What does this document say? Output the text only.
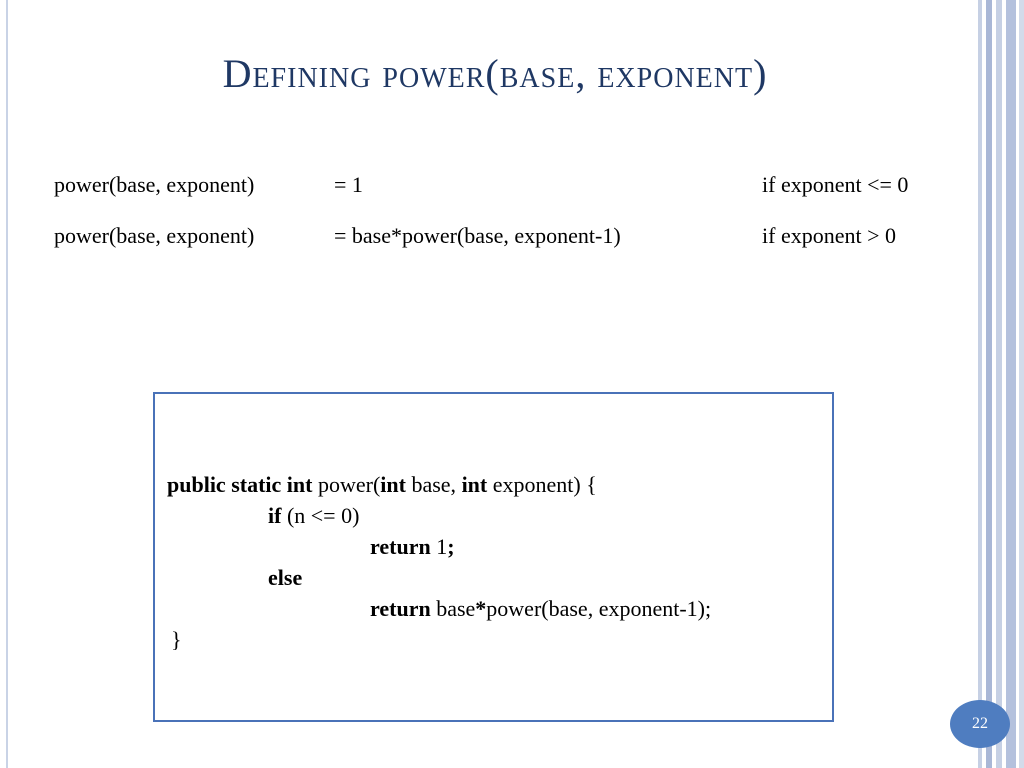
Defining power(base, exponent)
power(base, exponent)	= 1	if exponent <= 0
power(base, exponent)	= base*power(base, exponent-1)	if exponent > 0
public static int power(int base, int exponent) {
if (n <= 0)
return 1;
else
return base*power(base, exponent-1);
}
22
